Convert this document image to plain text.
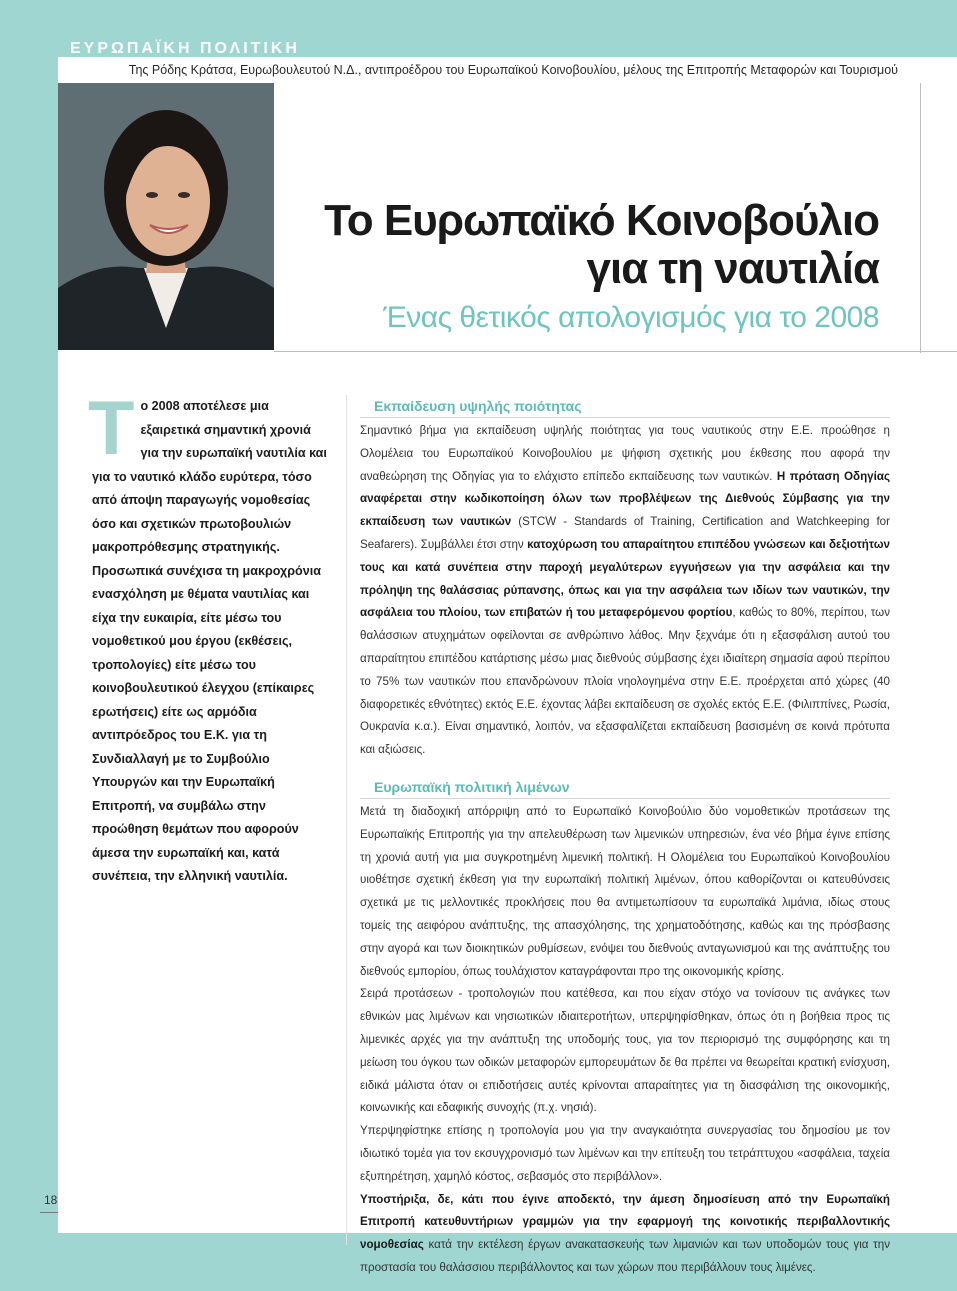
ΕΥΡΩΠΑΪΚΗ ΠΟΛΙΤΙΚΗ
Της Ρόδης Κράτσα, Ευρωβουλευτού Ν.Δ., αντιπροέδρου του Ευρωπαϊκού Κοινοβουλίου, μέλους της Επιτροπής Μεταφορών και Τουρισμού
Το Ευρωπαϊκό Κοινοβούλιο
για τη ναυτιλία
Ένας θετικός απολογισμός για το 2008
Τ ο 2008 αποτέλεσε μια εξαιρετικά σημαντική χρονιά για την ευρωπαϊκή ναυτιλία και για το ναυτικό κλάδο ευρύτερα, τόσο από άποψη παραγωγής νομοθεσίας όσο και σχετικών πρωτοβουλιών μακροπρόθεσμης στρατηγικής. Προσωπικά συνέχισα τη μακροχρόνια ενασχόληση με θέματα ναυτιλίας και είχα την ευκαιρία, είτε μέσω του νομοθετικού μου έργου (εκθέσεις, τροπολογίες) είτε μέσω του κοινοβουλευτικού έλεγχου (επίκαιρες ερωτήσεις) είτε ως αρμόδια αντιπρόεδρος του Ε.Κ. για τη Συνδιαλλαγή με το Συμβούλιο Υπουργών και την Ευρωπαϊκή Επιτροπή, να συμβάλω στην προώθηση θεμάτων που αφορούν άμεσα την ευρωπαϊκή και, κατά συνέπεια, την ελληνική ναυτιλία.
Εκπαίδευση υψηλής ποιότητας

Σημαντικό βήμα για εκπαίδευση υψηλής ποιότητας για τους ναυτικούς στην Ε.Ε. προώθησε η Ολομέλεια του Ευρωπαϊκού Κοινοβουλίου με ψήφιση σχετικής μου έκθεσης που αφορά την αναθεώρηση της Οδηγίας για το ελάχιστο επίπεδο εκπαίδευσης των ναυτικών. Η πρόταση Οδηγίας αναφέρεται στην κωδικοποίηση όλων των προβλέψεων της Διεθνούς Σύμβασης για την εκπαίδευση των ναυτικών (STCW - Standards of Training, Certification and Watchkeeping for Seafarers). Συμβάλλει έτσι στην κατοχύρωση του απαραίτητου επιπέδου γνώσεων και δεξιοτήτων τους και κατά συνέπεια στην παροχή μεγαλύτερων εγγυήσεων για την ασφάλεια και την πρόληψη της θαλάσσιας ρύπανσης, όπως και για την ασφάλεια των ιδίων των ναυτικών, την ασφάλεια του πλοίου, των επιβατών ή του μεταφερόμενου φορτίου, καθώς το 80%, περίπου, των θαλάσσιων ατυχημάτων οφείλονται σε ανθρώπινο λάθος. Μην ξεχνάμε ότι η εξασφάλιση αυτού του απαραίτητου επιπέδου κατάρτισης μέσω μιας διεθνούς σύμβασης έχει ιδιαίτερη σημασία αφού περίπου το 75% των ναυτικών που επανδρώνουν πλοία νηολογημένα στην Ε.Ε. προέρχεται από χώρες (40 διαφορετικές εθνότητες) εκτός Ε.Ε. έχοντας λάβει εκπαίδευση σε σχολές εκτός Ε.Ε. (Φιλιππίνες, Ρωσία, Ουκρανία κ.α.). Είναι σημαντικό, λοιπόν, να εξασφαλίζεται εκπαίδευση βασισμένη σε κοινά πρότυπα και αξιώσεις.

Ευρωπαϊκή πολιτική λιμένων

Μετά τη διαδοχική απόρριψη από το Ευρωπαϊκό Κοινοβούλιο δύο νομοθετικών προτάσεων της Ευρωπαϊκής Επιτροπής για την απελευθέρωση των λιμενικών υπηρεσιών, ένα νέο βήμα έγινε επίσης τη χρονιά αυτή για μια συγκροτημένη λιμενική πολιτική. Η Ολομέλεια του Ευρωπαϊκού Κοινοβουλίου υιοθέτησε σχετική έκθεση για την ευρωπαϊκή πολιτική λιμένων, όπου καθορίζονται οι κατευθύνσεις σχετικά με τις μελλοντικές προκλήσεις που θα αντιμετωπίσουν τα ευρωπαϊκά λιμάνια, ιδίως στους τομείς της αειφόρου ανάπτυξης, της απασχόλησης, της χρηματοδότησης, καθώς και της πρόσβασης στην αγορά και των διοικητικών ρυθμίσεων, ενόψει του διεθνούς ανταγωνισμού και της ανάπτυξης του διεθνούς εμπορίου, όπως τουλάχιστον καταγράφονται προ της οικονομικής κρίσης.

Σειρά προτάσεων - τροπολογιών που κατέθεσα, και που είχαν στόχο να τονίσουν τις ανάγκες των εθνικών μας λιμένων και νησιωτικών ιδιαιτεροτήτων, υπερψηφίσθηκαν, όπως ότι η βοήθεια προς τις λιμενικές αρχές για την ανάπτυξη της υποδομής τους, για τον περιορισμό της συμφόρησης και τη μείωση του όγκου των οδικών μεταφορών εμπορευμάτων δε θα πρέπει να θεωρείται κρατική ενίσχυση, ειδικά μάλιστα όταν οι επιδοτήσεις αυτές κρίνονται απαραίτητες για τη διασφάλιση της οικονομικής, κοινωνικής και εδαφικής συνοχής (π.χ. νησιά).

Υπερψηφίστηκε επίσης η τροπολογία μου για την αναγκαιότητα συνεργασίας του δημοσίου με τον ιδιωτικό τομέα για τον εκσυγχρονισμό των λιμένων και την επίτευξη του τετράπτυχου «ασφάλεια, ταχεία εξυπηρέτηση, χαμηλό κόστος, σεβασμός στο περιβάλλον».

Υποστήριξα, δε, κάτι που έγινε αποδεκτό, την άμεση δημοσίευση από την Ευρωπαϊκή Επιτροπή κατευθυντήριων γραμμών για την εφαρμογή της κοινοτικής περιβαλλοντικής νομοθεσίας κατά την εκτέλεση έργων ανακατασκευής των λιμανιών και των υποδομών τους για την προστασία του θαλάσσιου περιβάλλοντος και των χώρων που περιβάλλουν τους λιμένες.

18
